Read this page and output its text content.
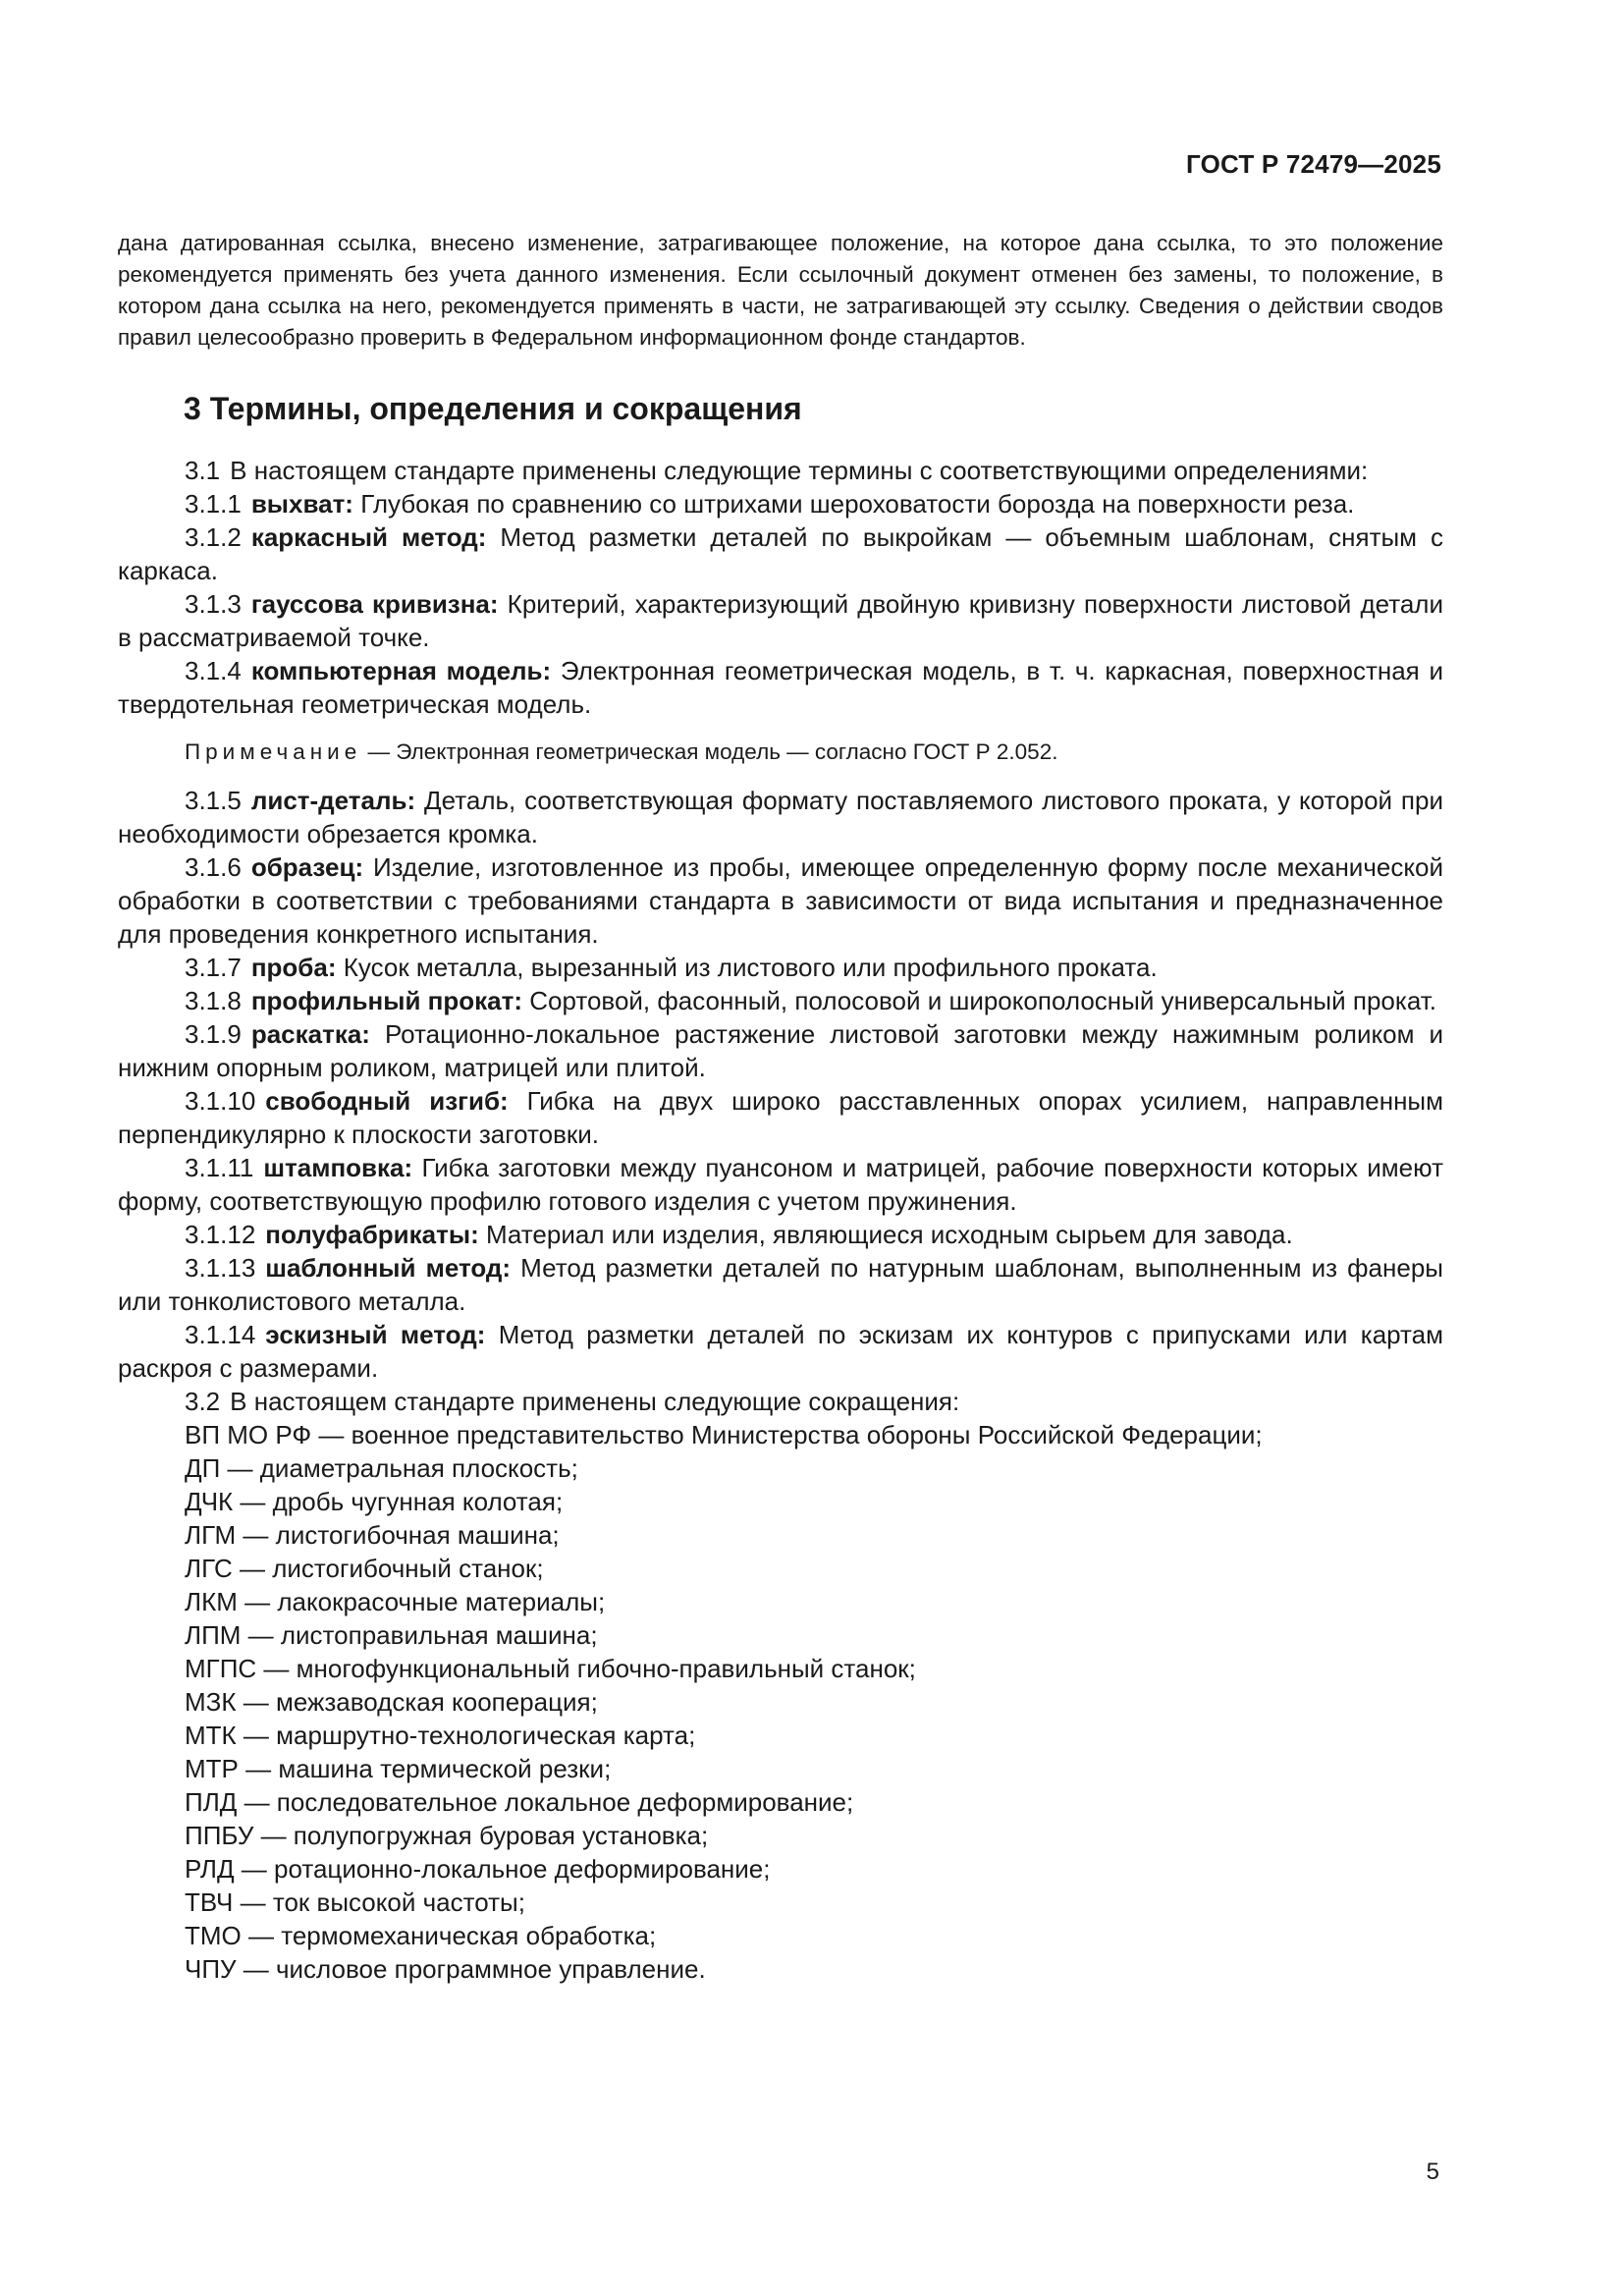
ГОСТ Р 72479—2025
дана датированная ссылка, внесено изменение, затрагивающее положение, на которое дана ссылка, то это положение рекомендуется применять без учета данного изменения. Если ссылочный документ отменен без замены, то положение, в котором дана ссылка на него, рекомендуется применять в части, не затрагивающей эту ссылку. Сведения о действии сводов правил целесообразно проверить в Федеральном информационном фонде стандартов.
3 Термины, определения и сокращения

3.1 В настоящем стандарте применены следующие термины с соответствующими определениями:

3.1.1 выхват: Глубокая по сравнению со штрихами шероховатости борозда на поверхности реза.

3.1.2 каркасный метод: Метод разметки деталей по выкройкам — объемным шаблонам, снятым с каркаса.

3.1.3 гауссова кривизна: Критерий, характеризующий двойную кривизну поверхности листовой детали в рассматриваемой точке.

3.1.4 компьютерная модель: Электронная геометрическая модель, в т. ч. каркасная, поверхностная и твердотельная геометрическая модель.

Примечание — Электронная геометрическая модель — согласно ГОСТ Р 2.052.

3.1.5 лист-деталь: Деталь, соответствующая формату поставляемого листового проката, у которой при необходимости обрезается кромка.

3.1.6 образец: Изделие, изготовленное из пробы, имеющее определенную форму после механической обработки в соответствии с требованиями стандарта в зависимости от вида испытания и предназначенное для проведения конкретного испытания.

3.1.7 проба: Кусок металла, вырезанный из листового или профильного проката.

3.1.8 профильный прокат: Сортовой, фасонный, полосовой и широкополосный универсальный прокат.

3.1.9 раскатка: Ротационно-локальное растяжение листовой заготовки между нажимным роликом и нижним опорным роликом, матрицей или плитой.

3.1.10 свободный изгиб: Гибка на двух широко расставленных опорах усилием, направленным перпендикулярно к плоскости заготовки.

3.1.11 штамповка: Гибка заготовки между пуансоном и матрицей, рабочие поверхности которых имеют форму, соответствующую профилю готового изделия с учетом пружинения.

3.1.12 полуфабрикаты: Материал или изделия, являющиеся исходным сырьем для завода.

3.1.13 шаблонный метод: Метод разметки деталей по натурным шаблонам, выполненным из фанеры или тонколистового металла.

3.1.14 эскизный метод: Метод разметки деталей по эскизам их контуров с припусками или картам раскроя с размерами.

3.2 В настоящем стандарте применены следующие сокращения:

ВП МО РФ — военное представительство Министерства обороны Российской Федерации;

ДП — диаметральная плоскость;

ДЧК — дробь чугунная колотая;

ЛГМ — листогибочная машина;

ЛГС — листогибочный станок;

ЛКМ — лакокрасочные материалы;

ЛПМ — листоправильная машина;

МГПС — многофункциональный гибочно-правильный станок;

МЗК — межзаводская кооперация;

МТК — маршрутно-технологическая карта;

МТР — машина термической резки;

ПЛД — последовательное локальное деформирование;

ППБУ — полупогружная буровая установка;

РЛД — ротационно-локальное деформирование;

ТВЧ — ток высокой частоты;

ТМО — термомеханическая обработка;

ЧПУ — числовое программное управление.

5
